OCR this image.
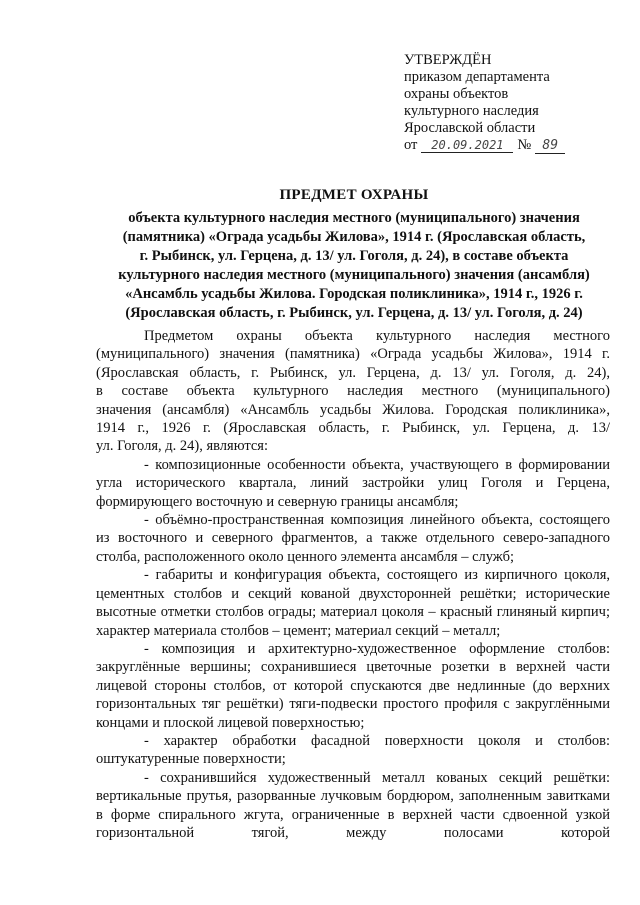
УТВЕРЖДЁН
приказом департамента
охраны объектов
культурного наследия
Ярославской области
от	20.09.2021 № 89
ПРЕДМЕТ ОХРАНЫ
объекта культурного наследия местного (муниципального) значения
(памятника) «Ограда усадьбы Жилова», 1914 г. (Ярославская область,
г. Рыбинск, ул. Герцена, д. 13/ ул. Гоголя, д. 24), в составе объекта
культурного наследия местного (муниципального) значения (ансамбля)
«Ансамбль усадьбы Жилова. Городская поликлиника», 1914 г., 1926 г.
(Ярославская область, г. Рыбинск, ул. Герцена, д. 13/ ул. Гоголя, д. 24)
Предметом охраны объекта культурного наследия местного
(муниципального) значения (памятника) «Ограда усадьбы Жилова», 1914 г.
(Ярославская область, г. Рыбинск, ул. Герцена, д. 13/ ул. Гоголя, д. 24),
в составе объекта культурного наследия местного (муниципального)
значения (ансамбля) «Ансамбль усадьбы Жилова. Городская поликлиника»,
1914 г., 1926 г. (Ярославская область, г. Рыбинск, ул. Герцена, д. 13/
ул. Гоголя, д. 24), являются:

- композиционные особенности объекта, участвующего в формировании угла исторического квартала, линий застройки улиц Гоголя и Герцена, формирующего восточную и северную границы ансамбля;

- объёмно-пространственная композиция линейного объекта, состоящего из восточного и северного фрагментов, а также отдельного северо-западного столба, расположенного около ценного элемента ансамбля – служб;

- габариты и конфигурация объекта, состоящего из кирпичного цоколя, цементных столбов и секций кованой двухсторонней решётки; исторические высотные отметки столбов ограды; материал цоколя – красный глиняный кирпич; характер материала столбов – цемент; материал секций – металл;

- композиция и архитектурно-художественное оформление столбов: закруглённые вершины; сохранившиеся цветочные розетки в верхней части лицевой стороны столбов, от которой спускаются две недлинные (до верхних горизонтальных тяг решётки) тяги-подвески простого профиля с закруглёнными концами и плоской лицевой поверхностью;

- характер обработки фасадной поверхности цоколя и столбов: оштукатуренные поверхности;

- сохранившийся художественный металл кованых секций решётки: вертикальные прутья, разорванные лучковым бордюром, заполненным завитками в форме спирального жгута, ограниченные в верхней части сдвоенной узкой горизонтальной тягой, между полосами которой
